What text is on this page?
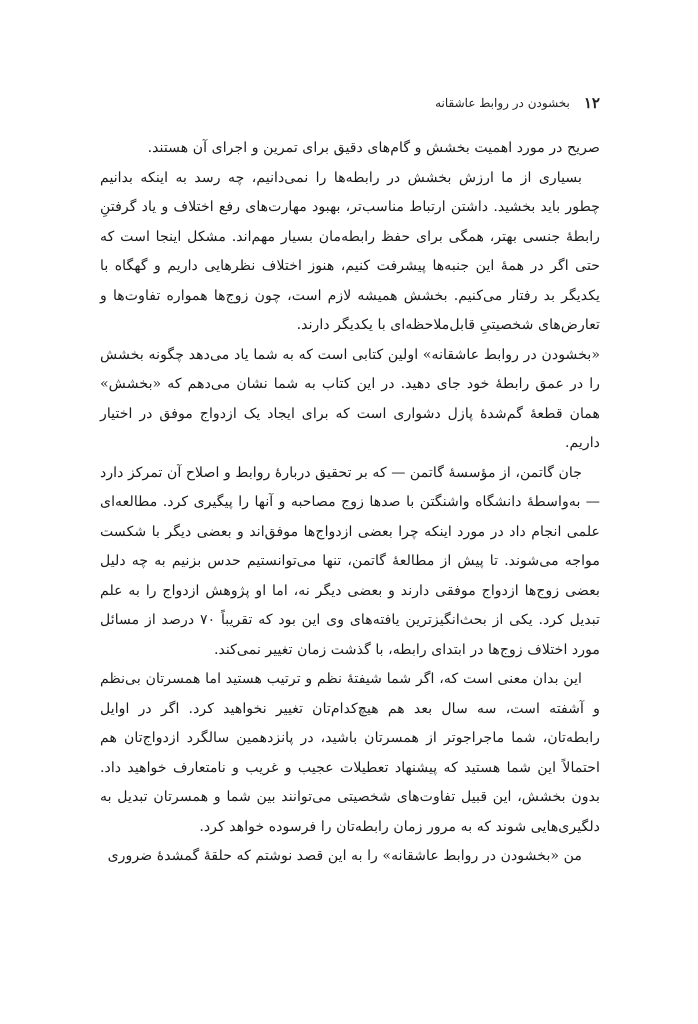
۱۲
بخشودن در روابط عاشقانه

صریح در مورد اهمیت بخشش و گام‌های دقیق برای تمرین و اجرای آن هستند.

بسیاری از ما ارزش بخشش در رابطه‌ها را نمی‌دانیم، چه رسد به اینکه بدانیم چطور باید بخشید. داشتن ارتباط مناسب‌تر، بهبود مهارت‌های رفع اختلاف و یاد گرفتنِ رابطهٔ جنسی بهتر، همگی برای حفظ رابطه‌مان بسیار مهم‌اند. مشکل اینجا است که حتی اگر در همهٔ این جنبه‌ها پیشرفت کنیم، هنوز اختلاف نظرهایی داریم و گهگاه با یکدیگر بد رفتار می‌کنیم. بخشش همیشه لازم است، چون زوج‌ها همواره تفاوت‌ها و تعارض‌های شخصیتیِ قابل‌ملاحظه‌ای با یکدیگر دارند.

«بخشودن در روابط عاشقانه» اولین کتابی است که به شما یاد می‌دهد چگونه بخشش را در عمق رابطهٔ خود جای دهید. در این کتاب به شما نشان می‌دهم که «بخشش» همان قطعهٔ گم‌شدهٔ پازل دشواری است که برای ایجاد یک ازدواج موفق در اختیار داریم.

جان گاتمن، از مؤسسهٔ گاتمن — که بر تحقیق دربارهٔ روابط و اصلاح آن تمرکز دارد — به‌واسطهٔ دانشگاه واشنگتن با صدها زوج مصاحبه و آنها را پیگیری کرد. مطالعه‌ای علمی انجام داد در مورد اینکه چرا بعضی ازدواج‌ها موفق‌اند و بعضی دیگر با شکست مواجه می‌شوند. تا پیش از مطالعهٔ گاتمن، تنها می‌توانستیم حدس بزنیم به چه دلیل بعضی زوج‌ها ازدواج موفقی دارند و بعضی دیگر نه، اما او پژوهش ازدواج را به علم تبدیل کرد. یکی از بحث‌انگیزترین یافته‌های وی این بود که تقریباً ۷۰ درصد از مسائل مورد اختلاف زوج‌ها در ابتدای رابطه، با گذشت زمان تغییر نمی‌کند.

این بدان معنی است که، اگر شما شیفتهٔ نظم و ترتیب هستید اما همسرتان بی‌نظم و آشفته است، سه سال بعد هم هیچ‌کدام‌تان تغییر نخواهید کرد. اگر در اوایل رابطه‌تان، شما ماجراجوتر از همسرتان باشید، در پانزدهمین سالگرد ازدواج‌تان هم احتمالاً این شما هستید که پیشنهاد تعطیلات عجیب و غریب و نامتعارف خواهید داد. بدون بخشش، این قبیل تفاوت‌های شخصیتی می‌توانند بین شما و همسرتان تبدیل به دلگیری‌هایی شوند که به مرور زمان رابطه‌تان را فرسوده خواهد کرد.

من «بخشودن در روابط عاشقانه» را به این قصد نوشتم که حلقهٔ گمشدهٔ ضروری
